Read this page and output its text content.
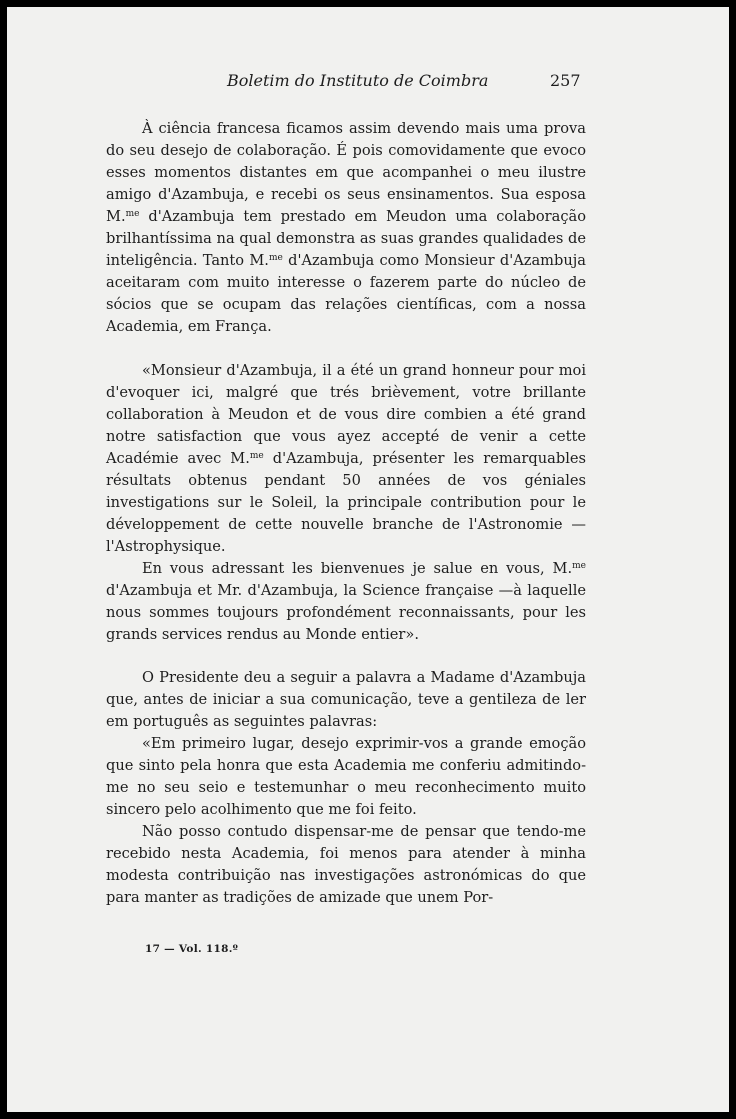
Boletim do Instituto de Coimbra	257

À ciência francesa ficamos assim devendo mais uma prova do seu desejo de colaboração. É pois comovidamente que evoco esses momentos distantes em que acompanhei o meu ilustre amigo d'Azambuja, e recebi os seus ensinamentos. Sua esposa M.$^{me}$ d'Azambuja tem prestado em Meudon uma colaboração brilhantíssima na qual demonstra as suas grandes qualidades de inteligência. Tanto M.$^{me}$ d'Azambuja como Monsieur d'Azambuja aceitaram com muito interesse o fazerem parte do núcleo de sócios que se ocupam das relações científicas, com a nossa Academia, em França.

«Monsieur d'Azambuja, il a été un grand honneur pour moi d'evoquer ici, malgré que trés brièvement, votre brillante collaboration à Meudon et de vous dire combien a été grand notre satisfaction que vous ayez accepté de venir a cette Académie avec M.$^{me}$ d'Azambuja, présenter les remarquables résultats obtenus pendant 50 années de vos géniales investigations sur le Soleil, la principale contribution pour le développement de cette nouvelle branche de l'Astronomie — l'Astrophysique.

En vous adressant les bienvenues je salue en vous, M.$^{me}$ d'Azambuja et Mr. d'Azambuja, la Science française —à laquelle nous sommes toujours profondément reconnaissants, pour les grands services rendus au Monde entier».

O Presidente deu a seguir a palavra a Madame d'Azambuja que, antes de iniciar a sua comunicação, teve a gentileza de ler em português as seguintes palavras:

«Em primeiro lugar, desejo exprimir-vos a grande emoção que sinto pela honra que esta Academia me conferiu admitindo-me no seu seio e testemunhar o meu reconhecimento muito sincero pelo acolhimento que me foi feito.

Não posso contudo dispensar-me de pensar que tendo-me recebido nesta Academia, foi menos para atender à minha modesta contribuição nas investigações astronómicas do que para manter as tradições de amizade que unem Por-

17 — Vol. 118.º
